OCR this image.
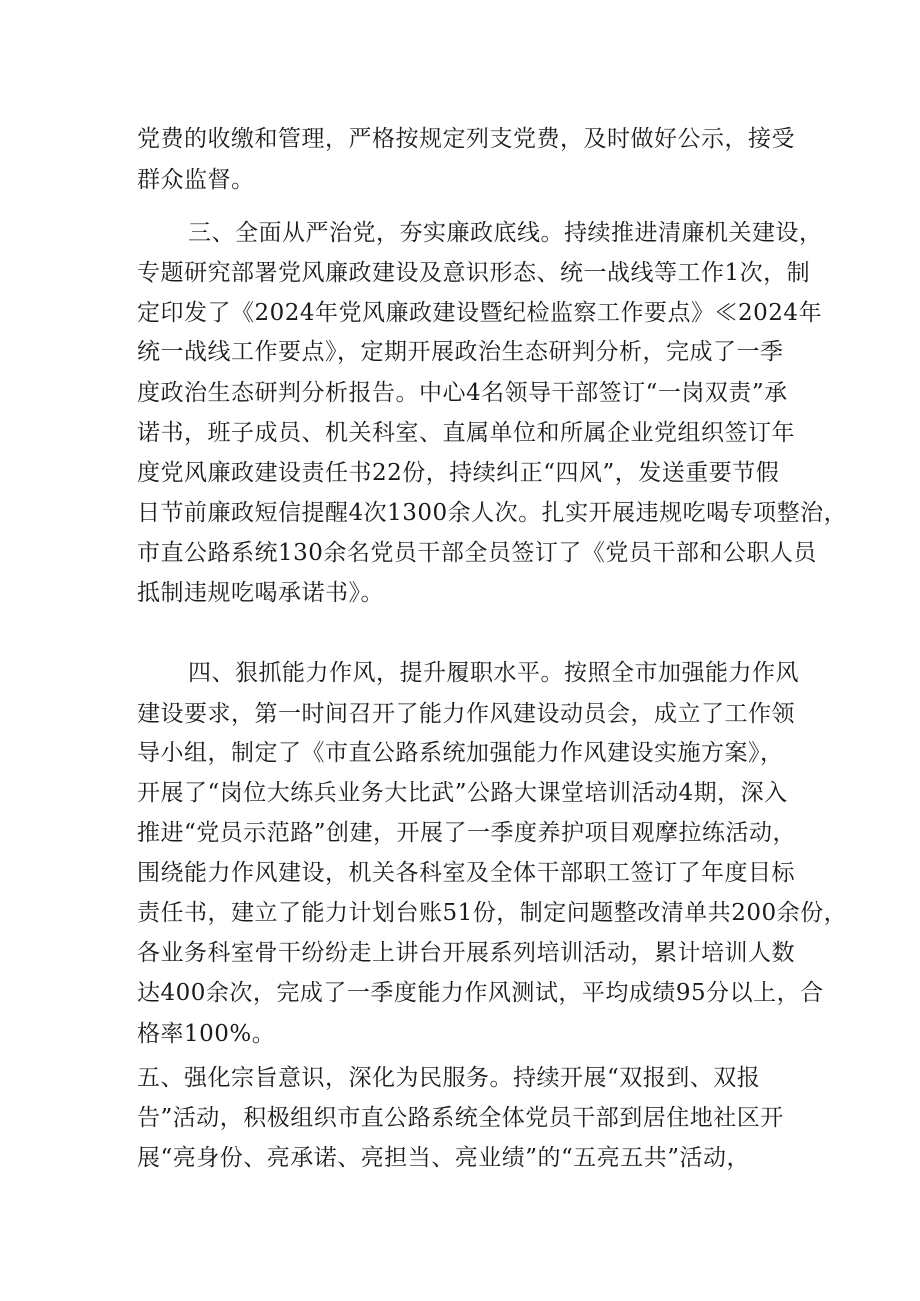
党费的收缴和管理，严格按规定列支党费，及时做好公示，接受
群众监督。
三、全面从严治党，夯实廉政底线。持续推进清廉机关建设，
专题研究部署党风廉政建设及意识形态、统一战线等工作1次，制
定印发了《2024年党风廉政建设暨纪检监察工作要点》≪2024年
统一战线工作要点》，定期开展政治生态研判分析，完成了一季
度政治生态研判分析报告。中心4名领导干部签订“一岗双责”承
诺书，班子成员、机关科室、直属单位和所属企业党组织签订年
度党风廉政建设责任书22份，持续纠正“四风”，发送重要节假
日节前廉政短信提醒4次1300余人次。扎实开展违规吃喝专项整治，
市直公路系统130余名党员干部全员签订了《党员干部和公职人员
抵制违规吃喝承诺书》。
四、狠抓能力作风，提升履职水平。按照全市加强能力作风
建设要求，第一时间召开了能力作风建设动员会，成立了工作领
导小组，制定了《市直公路系统加强能力作风建设实施方案》，
开展了“岗位大练兵业务大比武”公路大课堂培训活动4期，深入
推进“党员示范路”创建，开展了一季度养护项目观摩拉练活动，
围绕能力作风建设，机关各科室及全体干部职工签订了年度目标
责任书，建立了能力计划台账51份，制定问题整改清单共200余份，
各业务科室骨干纷纷走上讲台开展系列培训活动，累计培训人数
达400余次，完成了一季度能力作风测试，平均成绩95分以上，合
格率100%。
五、强化宗旨意识，深化为民服务。持续开展“双报到、双报
告”活动，积极组织市直公路系统全体党员干部到居住地社区开
展“亮身份、亮承诺、亮担当、亮业绩”的“五亮五共”活动，
